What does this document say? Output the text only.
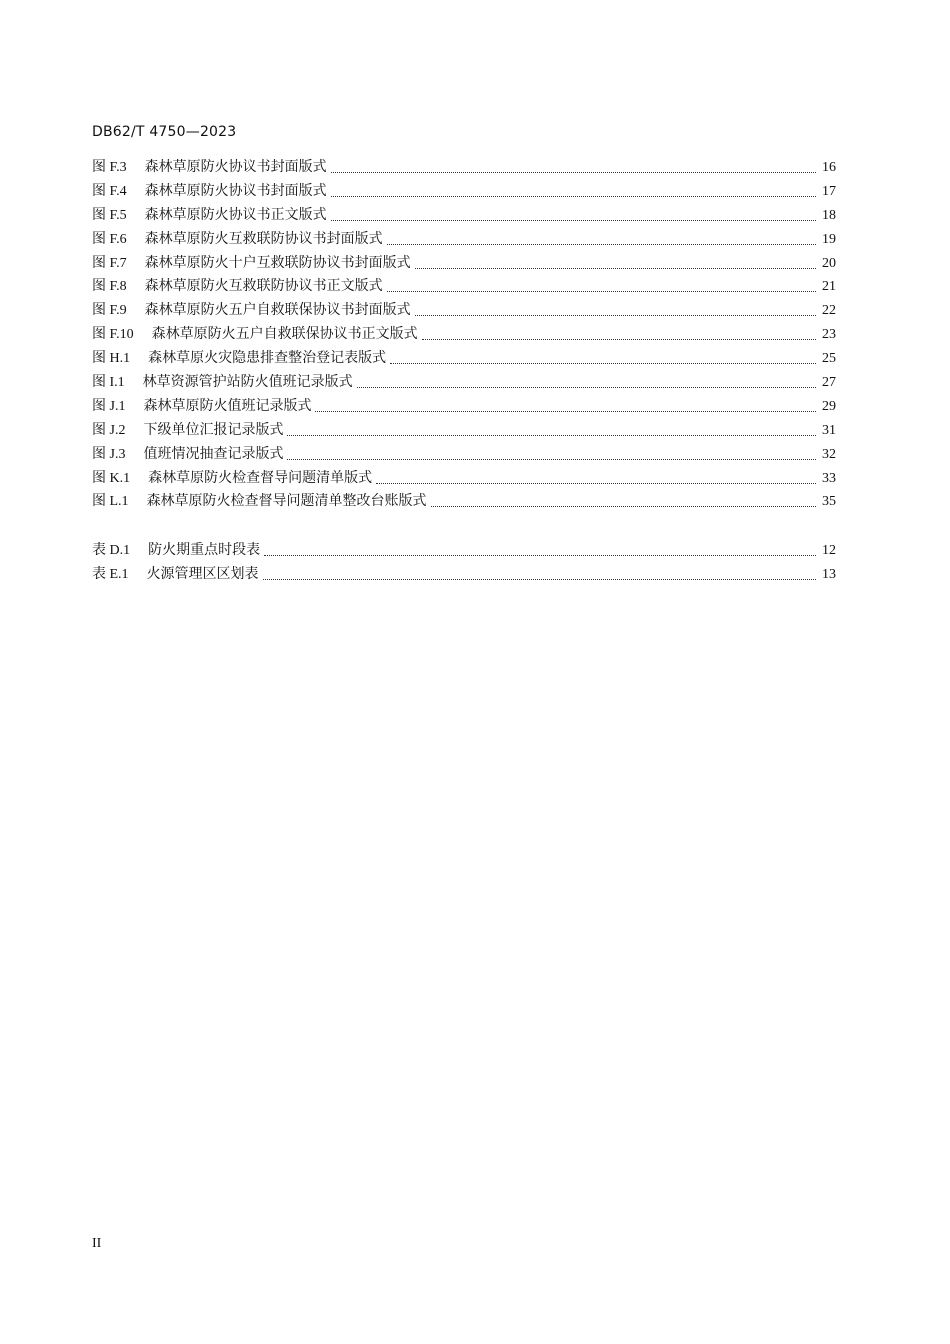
DB62/T 4750—2023
图 F.3	森林草原防火协议书封面版式	16
图 F.4	森林草原防火协议书封面版式	17
图 F.5	森林草原防火协议书正文版式	18
图 F.6	森林草原防火互救联防协议书封面版式	19
图 F.7	森林草原防火十户互救联防协议书封面版式	20
图 F.8	森林草原防火互救联防协议书正文版式	21
图 F.9	森林草原防火五户自救联保协议书封面版式	22
图 F.10	森林草原防火五户自救联保协议书正文版式	23
图 H.1	森林草原火灾隐患排查整治登记表版式	25
图 I.1	林草资源管护站防火值班记录版式	27
图 J.1	森林草原防火值班记录版式	29
图 J.2	下级单位汇报记录版式	31
图 J.3	值班情况抽查记录版式	32
图 K.1	森林草原防火检查督导问题清单版式	33
图 L.1	森林草原防火检查督导问题清单整改台账版式	35
表 D.1	防火期重点时段表	12
表 E.1	火源管理区区划表	13
II
